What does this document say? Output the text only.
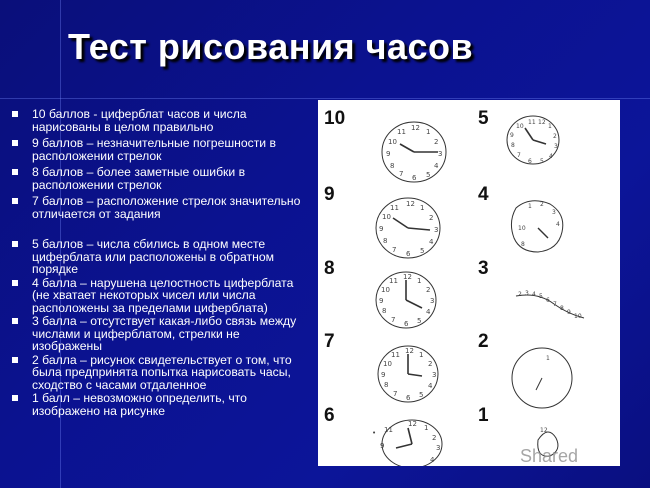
Тест рисования часов
10 баллов - циферблат часов и числа нарисованы в целом правильно
9 баллов – незначительные погрешности в расположении стрелок
8 баллов – более заметные ошибки в расположении стрелок
7 баллов – расположение стрелок значительно отличается от задания
5 баллов – числа сбились в одном месте циферблата или расположены в обратном порядке
4 балла – нарушена целостность циферблата (не хватает некоторых чисел или числа расположены за пределами циферблата)
3 балла – отсутствует какая-либо связь между числами и циферблатом, стрелки не изображены
2 балла – рисунок свидетельствует о том, что была предпринята попытка нарисовать часы, сходство с часами отдаленное
1 балл – невозможно определить, что изображено на рисунке
10
9
8
7
6
5
4
3
2
1
12 1
2
3
4
5
6
7
8
9
10
11
12 1
2
3
4
5
6
7
8
9
10
11
12 1
2
3
4
5
6
7
8
9
10
11
12 1
2
3
4
5
6
7
8
9
10
11
12 1
2
3
4
• 11
9
11 12
1
2
3
4
5
6
7
8
9
10
1 2
3
4
8
10
2 3 4 5
6
7
8
9
10
1
12
Shared
